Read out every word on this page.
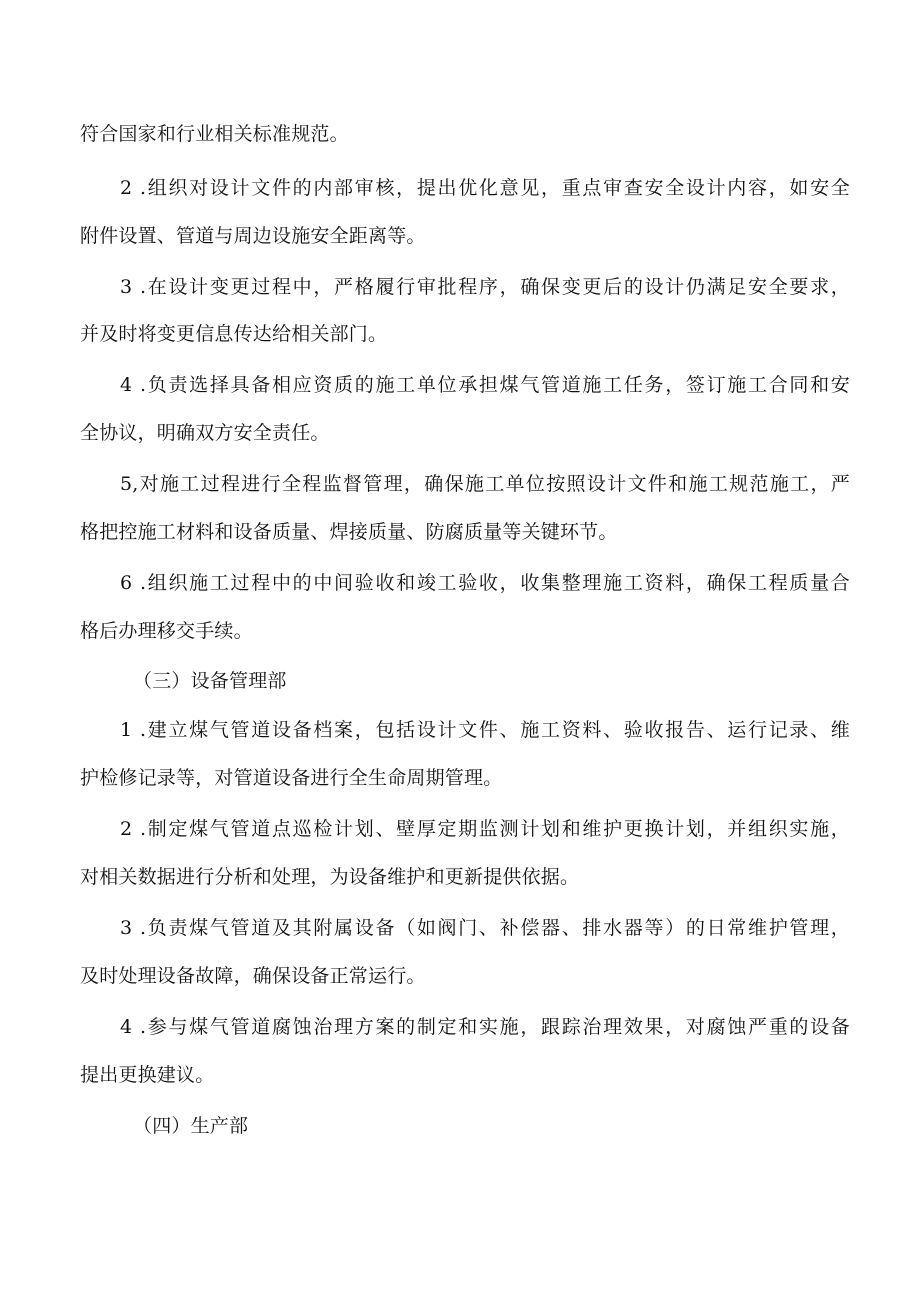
符合国家和行业相关标准规范。
2 .组织对设计文件的内部审核，提出优化意见，重点审查安全设计内容，如安全
附件设置、管道与周边设施安全距离等。
3 .在设计变更过程中，严格履行审批程序，确保变更后的设计仍满足安全要求，
并及时将变更信息传达给相关部门。
4 .负责选择具备相应资质的施工单位承担煤气管道施工任务，签订施工合同和安
全协议，明确双方安全责任。
5,对施工过程进行全程监督管理，确保施工单位按照设计文件和施工规范施工，严
格把控施工材料和设备质量、焊接质量、防腐质量等关键环节。
6 .组织施工过程中的中间验收和竣工验收，收集整理施工资料，确保工程质量合
格后办理移交手续。
（三）设备管理部
1 .建立煤气管道设备档案，包括设计文件、施工资料、验收报告、运行记录、维
护检修记录等，对管道设备进行全生命周期管理。
2 .制定煤气管道点巡检计划、壁厚定期监测计划和维护更换计划，并组织实施，
对相关数据进行分析和处理，为设备维护和更新提供依据。
3 .负责煤气管道及其附属设备（如阀门、补偿器、排水器等）的日常维护管理，
及时处理设备故障，确保设备正常运行。
4 .参与煤气管道腐蚀治理方案的制定和实施，跟踪治理效果，对腐蚀严重的设备
提出更换建议。
（四）生产部
